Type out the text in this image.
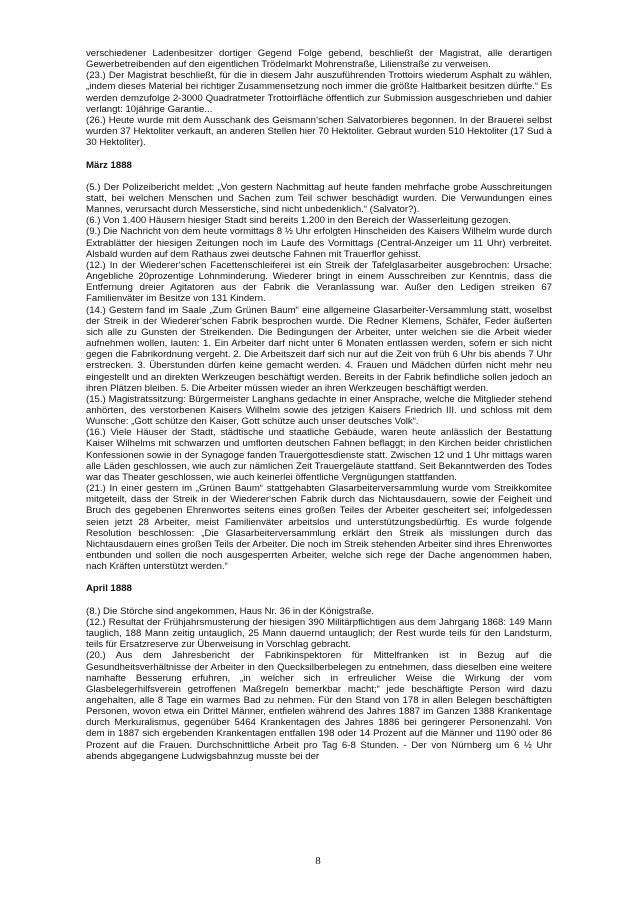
verschiedener Ladenbesitzer dortiger Gegend Folge gebend, beschließt der Magistrat, alle derartigen Gewerbetreibenden auf den eigentlichen Trödelmarkt Mohrenstraße, Lilienstraße zu verweisen.

(23.) Der Magistrat beschließt, für die in diesem Jahr auszuführenden Trottoirs wiederum Asphalt zu wählen, „indem dieses Material bei richtiger Zusammensetzung noch immer die größte Haltbarkeit besitzen dürfte.“ Es werden demzufolge 2-3000 Quadratmeter Trottoirfläche öffentlich zur Submission ausgeschrieben und dahier verlangt: 10jährige Garantie...

(26.) Heute wurde mit dem Ausschank des Geismann‘schen Salvatorbieres begonnen. In der Brauerei selbst wurden 37 Hektoliter verkauft, an anderen Stellen hier 70 Hektoliter. Gebraut wurden 510 Hektoliter (17 Sud à 30 Hektoliter).

März 1888

(5.) Der Polizeibericht meldet: „Von gestern Nachmittag auf heute fanden mehrfache grobe Ausschreitungen statt, bei welchen Menschen und Sachen zum Teil schwer beschädigt wurden. Die Verwundungen eines Mannes, verursacht durch Messerstiche, sind nicht unbedenklich.“ (Salvator?).

(6.) Von 1.400 Häusern hiesiger Stadt sind bereits 1.200 in den Bereich der Wasserleitung gezogen.

(9.) Die Nachricht von dem heute vormittags 8 ½ Uhr erfolgten Hinscheiden des Kaisers Wilhelm wurde durch Extrablätter der hiesigen Zeitungen noch im Laufe des Vormittags (Central-Anzeiger um 11 Uhr) verbreitet. Alsbald wurden auf dem Rathaus zwei deutsche Fahnen mit Trauerflor gehisst.

(12.) In der Wiederer‘schen Facettenschleiferei ist ein Streik der Tafelglasarbeiter ausgebrochen: Ursache: Angebliche 20prozentige Lohnminderung. Wiederer bringt in einem Ausschreiben zur Kenntnis, dass die Entfernung dreier Agitatoren aus der Fabrik die Veranlassung war. Außer den Ledigen streiken 67 Familienväter im Besitze von 131 Kindern.

(14.) Gestern fand im Saale „Zum Grünen Baum“ eine allgemeine Glasarbeiter-Versammlung statt, woselbst der Streik in der Wiederer‘schen Fabrik besprochen wurde. Die Redner Klemens, Schäfer, Feder äußerten sich alle zu Gunsten der Streikenden. Die Bedingungen der Arbeiter, unter welchen sie die Arbeit wieder aufnehmen wollen, lauten: 1. Ein Arbeiter darf nicht unter 6 Monaten entlassen werden, sofern er sich nicht gegen die Fabrikordnung vergeht. 2. Die Arbeitszeit darf sich nur auf die Zeit von früh 6 Uhr bis abends 7 Uhr erstrecken. 3. Überstunden dürfen keine gemacht werden. 4. Frauen und Mädchen dürfen nicht mehr neu eingestellt und an direkten Werkzeugen beschäftigt werden. Bereits in der Fabrik befindliche sollen jedoch an ihren Plätzen bleiben. 5. Die Arbeiter müssen wieder an ihren Werkzeugen beschäftigt werden.

(15.) Magistratssitzung: Bürgermeister Langhans gedachte in einer Ansprache, welche die Mitglieder stehend anhörten, des verstorbenen Kaisers Wilhelm sowie des jetzigen Kaisers Friedrich III. und schloss mit dem Wunsche: „Gott schütze den Kaiser, Gott schütze auch unser deutsches Volk“.

(16.) Viele Häuser der Stadt, städtische und staatliche Gebäude, waren heute anlässlich der Bestattung Kaiser Wilhelms mit schwarzen und umflorten deutschen Fahnen beflaggt; in den Kirchen beider christlichen Konfessionen sowie in der Synagoge fanden Trauergottesdienste statt. Zwischen 12 und 1 Uhr mittags waren alle Läden geschlossen, wie auch zur nämlichen Zeit Trauergeläute stattfand. Seit Bekanntwerden des Todes war das Theater geschlossen, wie auch keinerlei öffentliche Vergnügungen stattfanden.

(21.) In einer gestern im „Grünen Baum“ stattgehabten Glasarbeiterversammlung wurde vom Streikkomitee mitgeteilt, dass der Streik in der Wiederer‘schen Fabrik durch das Nichtausdauern, sowie der Feigheit und Bruch des gegebenen Ehrenwortes seitens eines großen Teiles der Arbeiter gescheitert sei; infolgedessen seien jetzt 28 Arbeiter, meist Familienväter arbeitslos und unterstützungsbedürftig. Es wurde folgende Resolution beschlossen: „Die Glasarbeiterversammlung erklärt den Streik als misslungen durch das Nichtausdauern eines großen Teils der Arbeiter. Die noch im Streik stehenden Arbeiter sind ihres Ehrenwortes entbunden und sollen die noch ausgesperrten Arbeiter, welche sich rege der Dache angenommen haben, nach Kräften unterstützt werden.“

April 1888

(8.) Die Störche sind angekommen, Haus Nr. 36 in der Königstraße.

(12.) Resultat der Frühjahrsmusterung der hiesigen 390 Militärpflichtigen aus dem Jahrgang 1868: 149 Mann tauglich, 188 Mann zeitig untauglich, 25 Mann dauernd untauglich; der Rest wurde teils für den Landsturm, teils für Ersatzreserve zur Überweisung in Vorschlag gebracht.

(20.) Aus dem Jahresbericht der Fabrikinspektoren für Mittelfranken ist in Bezug auf die Gesundheitsverhältnisse der Arbeiter in den Quecksilberbelegen zu entnehmen, dass dieselben eine weitere namhafte Besserung erfuhren, „in welcher sich in erfreulicher Weise die Wirkung der vom Glasbelegerhilfsverein getroffenen Maßregeln bemerkbar macht;“ jede beschäftigte Person wird dazu angehalten, alle 8 Tage ein warmes Bad zu nehmen. Für den Stand von 178 in allen Belegen beschäftigten Personen, wovon etwa ein Drittel Männer, entfielen während des Jahres 1887 im Ganzen 1388 Krankentage durch Merkuralismus, gegenüber 5464 Krankentagen des Jahres 1886 bei geringerer Personenzahl. Von dem in 1887 sich ergebenden Krankentagen entfallen 198 oder 14 Prozent auf die Männer und 1190 oder 86 Prozent auf die Frauen. Durchschnittliche Arbeit pro Tag 6-8 Stunden. - Der von Nürnberg um 6 ½ Uhr abends abgegangene Ludwigsbahnzug musste bei der

8
